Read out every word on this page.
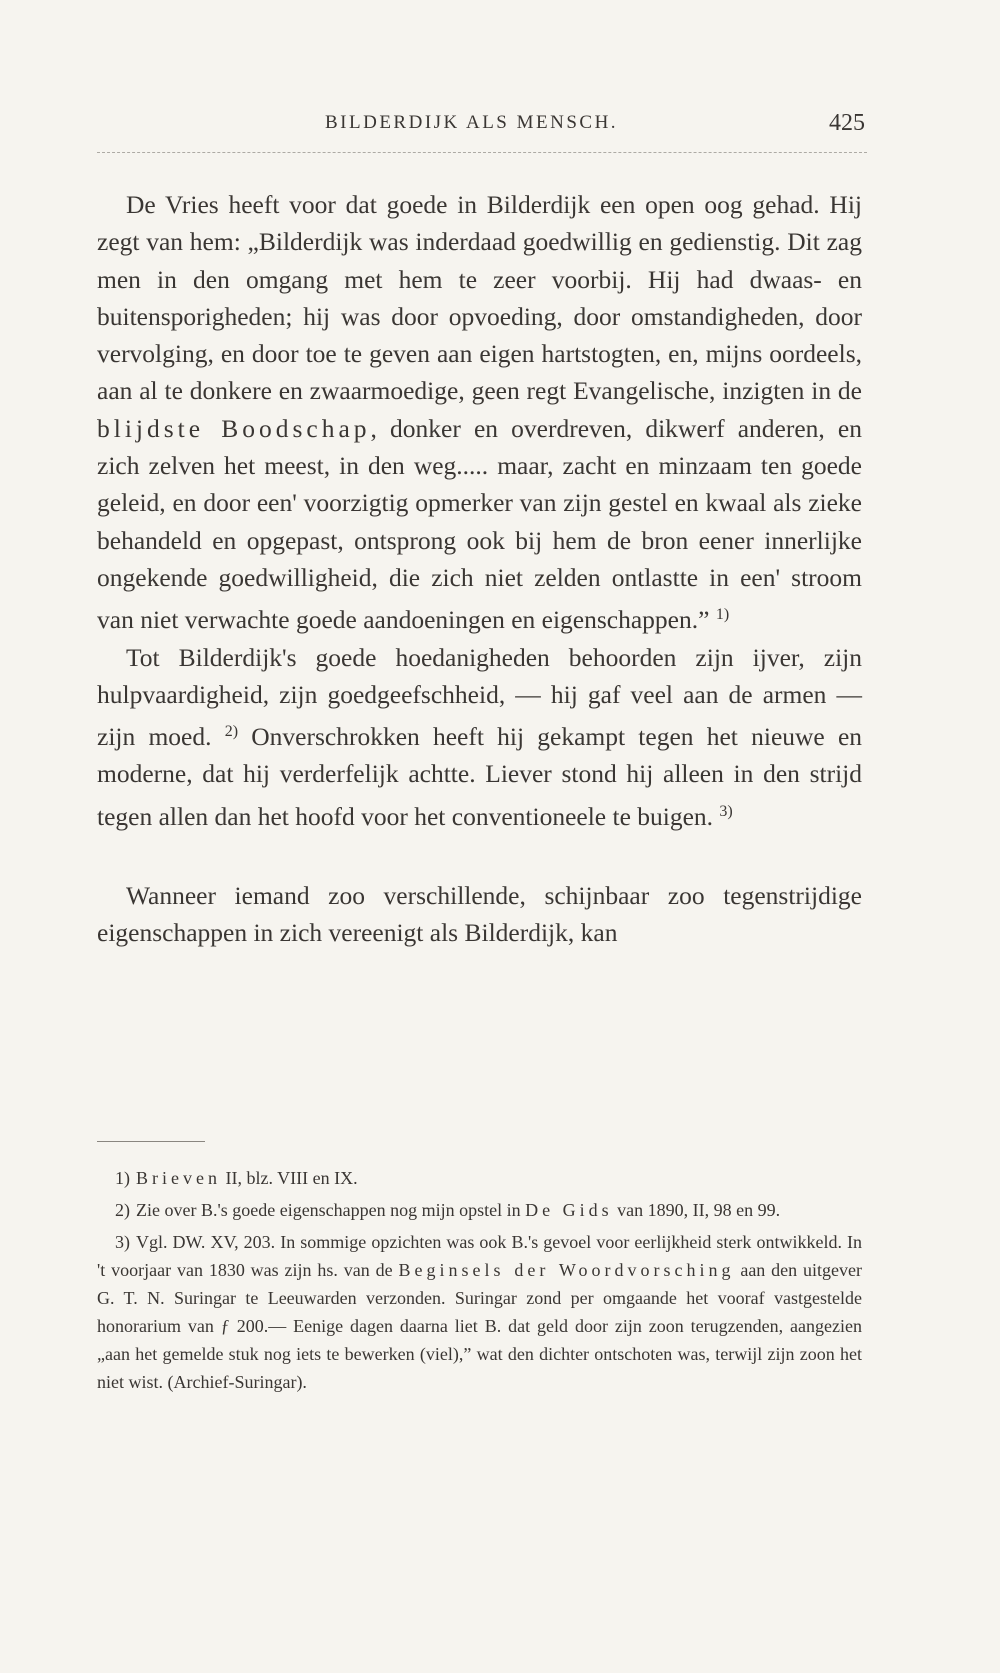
BILDERDIJK ALS MENSCH.	425

De Vries heeft voor dat goede in Bilderdijk een open oog gehad. Hij zegt van hem: „Bilderdijk was inderdaad goedwillig en gedienstig. Dit zag men in den omgang met hem te zeer voorbij. Hij had dwaas- en buitensporigheden; hij was door opvoeding, door omstandigheden, door vervolging, en door toe te geven aan eigen hartstogten, en, mijns oordeels, aan al te donkere en zwaarmoedige, geen regt Evangelische, inzigten in de blijdste Boodschap, donker en overdreven, dikwerf anderen, en zich zelven het meest, in den weg..... maar, zacht en minzaam ten goede geleid, en door een' voorzigtig opmerker van zijn gestel en kwaal als zieke behandeld en opgepast, ontsprong ook bij hem de bron eener innerlijke ongekende goedwilligheid, die zich niet zelden ontlastte in een' stroom van niet verwachte goede aandoeningen en eigenschappen.” $^{1)}$

Tot Bilderdijk's goede hoedanigheden behoorden zijn ijver, zijn hulpvaardigheid, zijn goedgeefschheid, — hij gaf veel aan de armen — zijn moed. $^{2)}$ Onverschrokken heeft hij gekampt tegen het nieuwe en moderne, dat hij verderfelijk achtte. Liever stond hij alleen in den strijd tegen allen dan het hoofd voor het conventioneele te buigen. $^{3)}$

Wanneer iemand zoo verschillende, schijnbaar zoo tegenstrijdige eigenschappen in zich vereenigt als Bilderdijk, kan

1) Brieven II, blz. VIII en IX.

2) Zie over B.'s goede eigenschappen nog mijn opstel in De Gids van 1890, II, 98 en 99.

3) Vgl. DW. XV, 203. In sommige opzichten was ook B.'s gevoel voor eerlijkheid sterk ontwikkeld. In 't voorjaar van 1830 was zijn hs. van de Beginsels der Woordvorsching aan den uitgever G. T. N. Suringar te Leeuwarden verzonden. Suringar zond per omgaande het vooraf vastgestelde honorarium van ƒ 200.— Eenige dagen daarna liet B. dat geld door zijn zoon terugzenden, aangezien „aan het gemelde stuk nog iets te bewerken (viel),” wat den dichter ontschoten was, terwijl zijn zoon het niet wist. (Archief-Suringar).
